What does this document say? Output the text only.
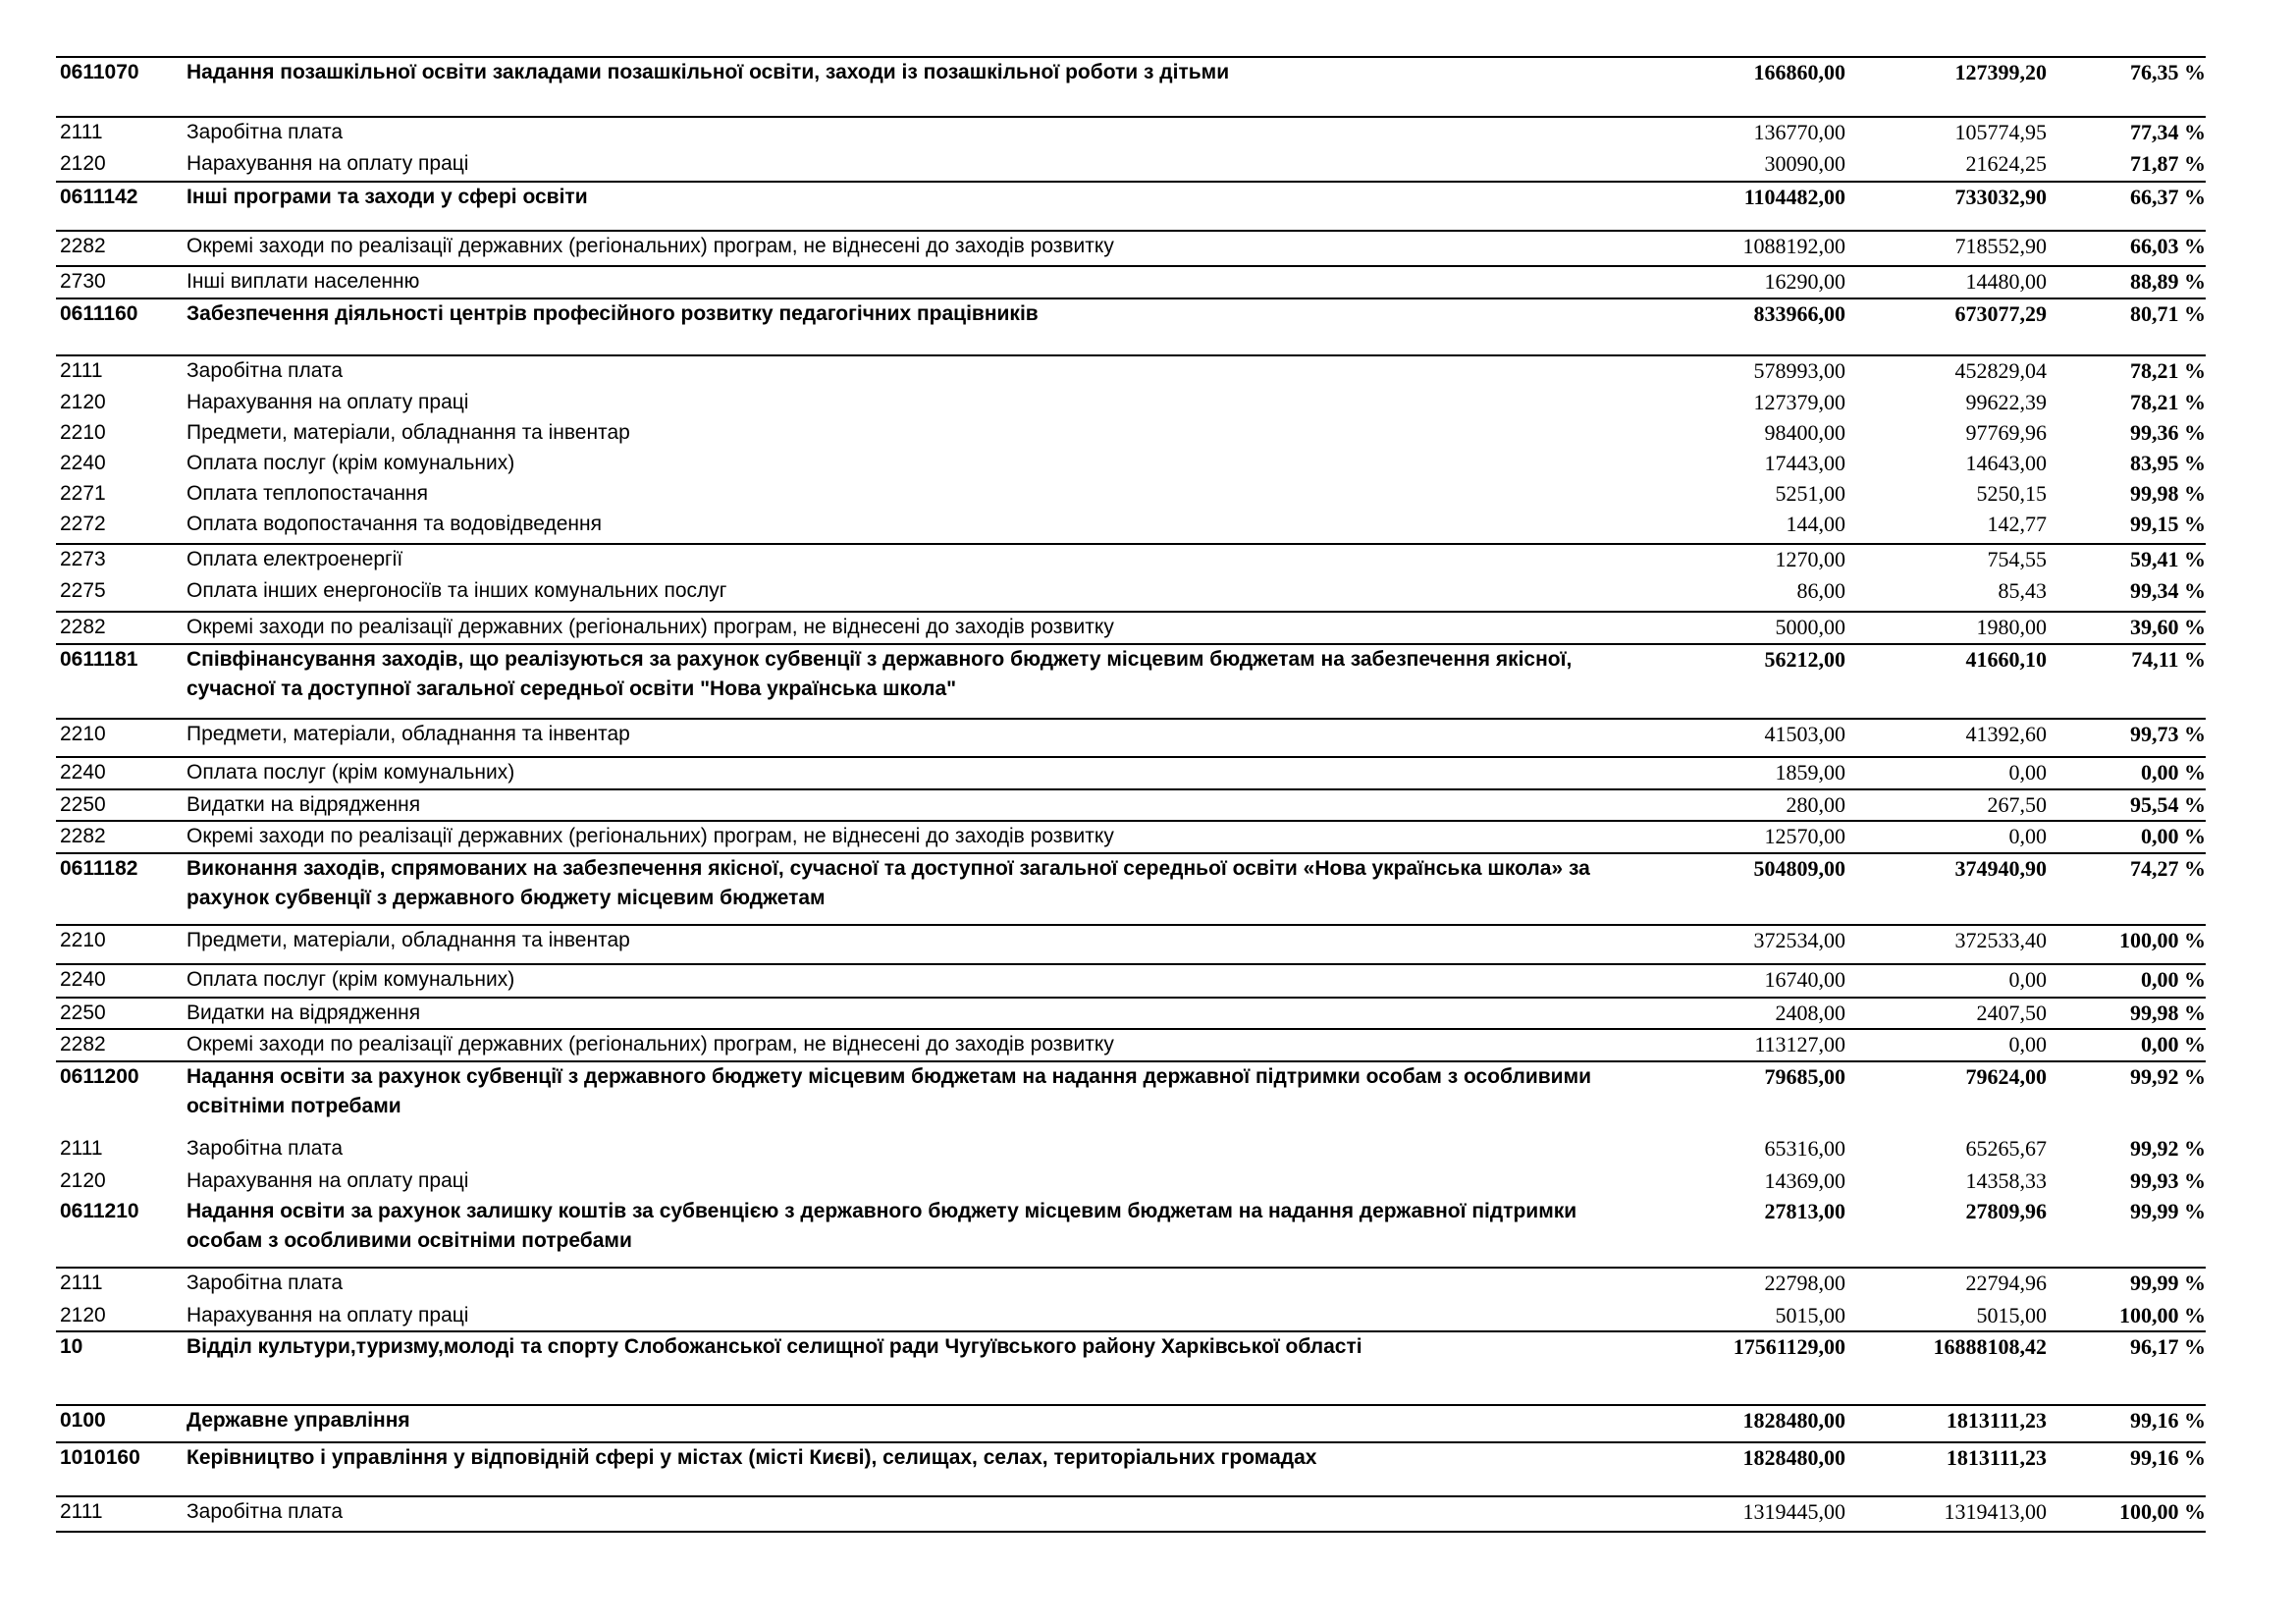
0611070	Надання позашкільної освіти закладами позашкільної освіти, заходи із позашкільної роботи з дітьми	166860,00	127399,20	76,35 %
2111	Заробітна плата	136770,00	105774,95	77,34 %
2120	Нарахування на оплату праці	30090,00	21624,25	71,87 %
0611142	Інші програми та заходи у сфері освіти	1104482,00	733032,90	66,37 %
2282	Окремі заходи по реалізації державних (регіональних) програм, не віднесені до заходів розвитку	1088192,00	718552,90	66,03 %
2730	Інші виплати населенню	16290,00	14480,00	88,89 %
0611160	Забезпечення діяльності центрів професійного розвитку педагогічних працівників	833966,00	673077,29	80,71 %
2111	Заробітна плата	578993,00	452829,04	78,21 %
2120	Нарахування на оплату праці	127379,00	99622,39	78,21 %
2210	Предмети, матеріали, обладнання та інвентар	98400,00	97769,96	99,36 %
2240	Оплата послуг (крім комунальних)	17443,00	14643,00	83,95 %
2271	Оплата теплопостачання	5251,00	5250,15	99,98 %
2272	Оплата водопостачання та водовідведення	144,00	142,77	99,15 %
2273	Оплата електроенергії	1270,00	754,55	59,41 %
2275	Оплата інших енергоносіїв та інших комунальних послуг	86,00	85,43	99,34 %
2282	Окремі заходи по реалізації державних (регіональних) програм, не віднесені до заходів розвитку	5000,00	1980,00	39,60 %
0611181	Співфінансування заходів, що реалізуються за рахунок субвенції з державного бюджету місцевим бюджетам на забезпечення якісної, сучасної та доступної загальної середньої освіти "Нова українська школа"	56212,00	41660,10	74,11 %
2210	Предмети, матеріали, обладнання та інвентар	41503,00	41392,60	99,73 %
2240	Оплата послуг (крім комунальних)	1859,00	0,00	0,00 %
2250	Видатки на відрядження	280,00	267,50	95,54 %
2282	Окремі заходи по реалізації державних (регіональних) програм, не віднесені до заходів розвитку	12570,00	0,00	0,00 %
0611182	Виконання заходів, спрямованих на забезпечення якісної, сучасної та доступної загальної середньої освіти «Нова українська школа» за рахунок субвенції з державного бюджету місцевим бюджетам	504809,00	374940,90	74,27 %
2210	Предмети, матеріали, обладнання та інвентар	372534,00	372533,40	100,00 %
2240	Оплата послуг (крім комунальних)	16740,00	0,00	0,00 %
2250	Видатки на відрядження	2408,00	2407,50	99,98 %
2282	Окремі заходи по реалізації державних (регіональних) програм, не віднесені до заходів розвитку	113127,00	0,00	0,00 %
0611200	Надання освіти за рахунок субвенції з державного бюджету місцевим бюджетам на надання державної підтримки особам з особливими освітніми потребами	79685,00	79624,00	99,92 %
2111	Заробітна плата	65316,00	65265,67	99,92 %
2120	Нарахування на оплату праці	14369,00	14358,33	99,93 %
0611210	Надання освіти за рахунок залишку коштів за субвенцією з державного бюджету місцевим бюджетам на надання державної підтримки особам з особливими освітніми потребами	27813,00	27809,96	99,99 %
2111	Заробітна плата	22798,00	22794,96	99,99 %
2120	Нарахування на оплату праці	5015,00	5015,00	100,00 %
10	Відділ культури,туризму,молоді та спорту Слобожанської селищної ради Чугуївського району Харківської області	17561129,00	16888108,42	96,17 %
0100	Державне управління	1828480,00	1813111,23	99,16 %
1010160	Керівництво і управління у відповідній сфері у містах (місті Києві), селищах, селах, територіальних громадах	1828480,00	1813111,23	99,16 %
2111	Заробітна плата	1319445,00	1319413,00	100,00 %
